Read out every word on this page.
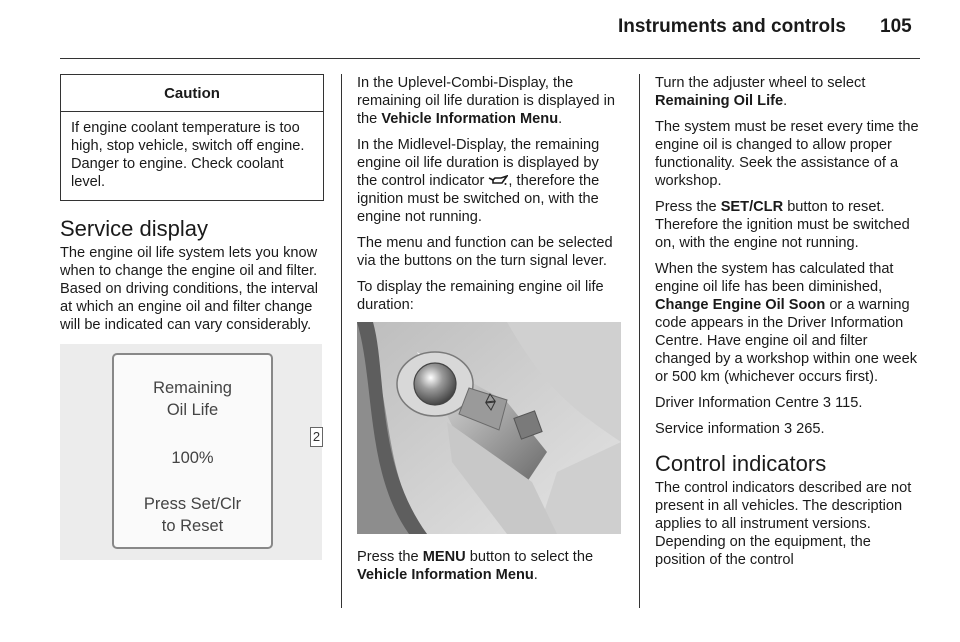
Instruments and controls 105
Caution
If engine coolant temperature is too high, stop vehicle, switch off engine. Danger to engine. Check coolant level.
Service display

The engine oil life system lets you know when to change the engine oil and filter. Based on driving conditions, the interval at which an engine oil and filter change will be indicated can vary considerably.

Remaining
Oil Life
100%
Press Set/Clr
to Reset
2

In the Uplevel-Combi-Display, the remaining oil life duration is displayed in the Vehicle Information Menu.

In the Midlevel-Display, the remaining engine oil life duration is displayed by the control indicator , therefore the ignition must be switched on, with the engine not running.

The menu and function can be selected via the buttons on the turn signal lever.

To display the remaining engine oil life duration:

Press the MENU button to select the Vehicle Information Menu.

Turn the adjuster wheel to select Remaining Oil Life.

The system must be reset every time the engine oil is changed to allow proper functionality. Seek the assistance of a workshop.

Press the SET/CLR button to reset. Therefore the ignition must be switched on, with the engine not running.

When the system has calculated that engine oil life has been diminished, Change Engine Oil Soon or a warning code appears in the Driver Information Centre. Have engine oil and filter changed by a workshop within one week or 500 km (whichever occurs first).

Driver Information Centre 3 115.

Service information 3 265.

Control indicators

The control indicators described are not present in all vehicles. The description applies to all instrument versions. Depending on the equipment, the position of the control
